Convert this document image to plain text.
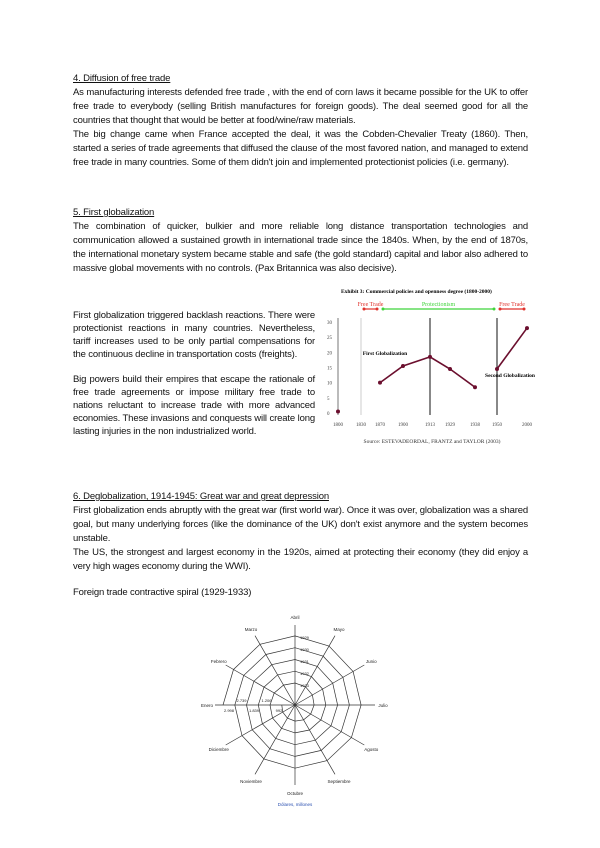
4. Diffusion of free trade

As manufacturing interests defended free trade , with the end of corn laws it became possible for the UK to offer free trade to everybody (selling British manufactures for foreign goods). The deal seemed good for all the countries that thought that would be better at food/wine/raw materials.

The big change came when France accepted the deal, it was the Cobden-Chevalier Treaty (1860). Then, started a series of trade agreements that diffused the clause of the most favored nation, and managed to extend free trade in many countries. Some of them didn't join and implemented protectionist policies (i.e. germany).

5. First globalization

The combination of quicker, bulkier and more reliable long distance transportation technologies and communication allowed a sustained growth in international trade since the 1840s. When, by the end of 1870s, the international monetary system became stable and safe (the gold standard) capital and labor also adhered to massive global movements with no controls. (Pax Britannica was also decisive).

First globalization triggered backlash reactions. There were protectionist reactions in many countries. Nevertheless, tariff increases used to be only partial compensations for the continuous decline in transportation costs (freights).

Big powers build their empires that escape the rationale of free trade agreements or impose military free trade to nations reluctant to increase trade with more advanced economies. These invasions and conquests will create long lasting injuries in the non industrialized world.

Exhibit 3: Commercial policies and openness degree (1800-2000)
Free Trade	Protectionism	Free Trade
0
5
10
15
20
25
30
1800	1830 1870	1900	1913 1929	1938 1950	2000
First Globalization
Second Globalization
Source: ESTEVADEORDAL, FRANTZ and TAYLOR (2003)
6. Deglobalization, 1914-1945: Great war and great depression

First globalization ends abruptly with the great war (first world war). Once it was over, globalization was a shared goal, but many underlying forces (like the dominance of the UK) don't exist anymore and the system becomes unstable.

The US, the strongest and largest economy in the 1920s, aimed at protecting their economy (they did enjoy a very high wages economy during the WWI).

Foreign trade contractive spiral (1929-1933)

Abril
Mayo
Junio
Julio
Agosto
Septiembre
Octubre
Noviembre
Diciembre
Enero
Febrero
Marzo
1929
1930
1931
1932
1933
2.998
2.739
1.839
1.206
992
Dólares, millones
